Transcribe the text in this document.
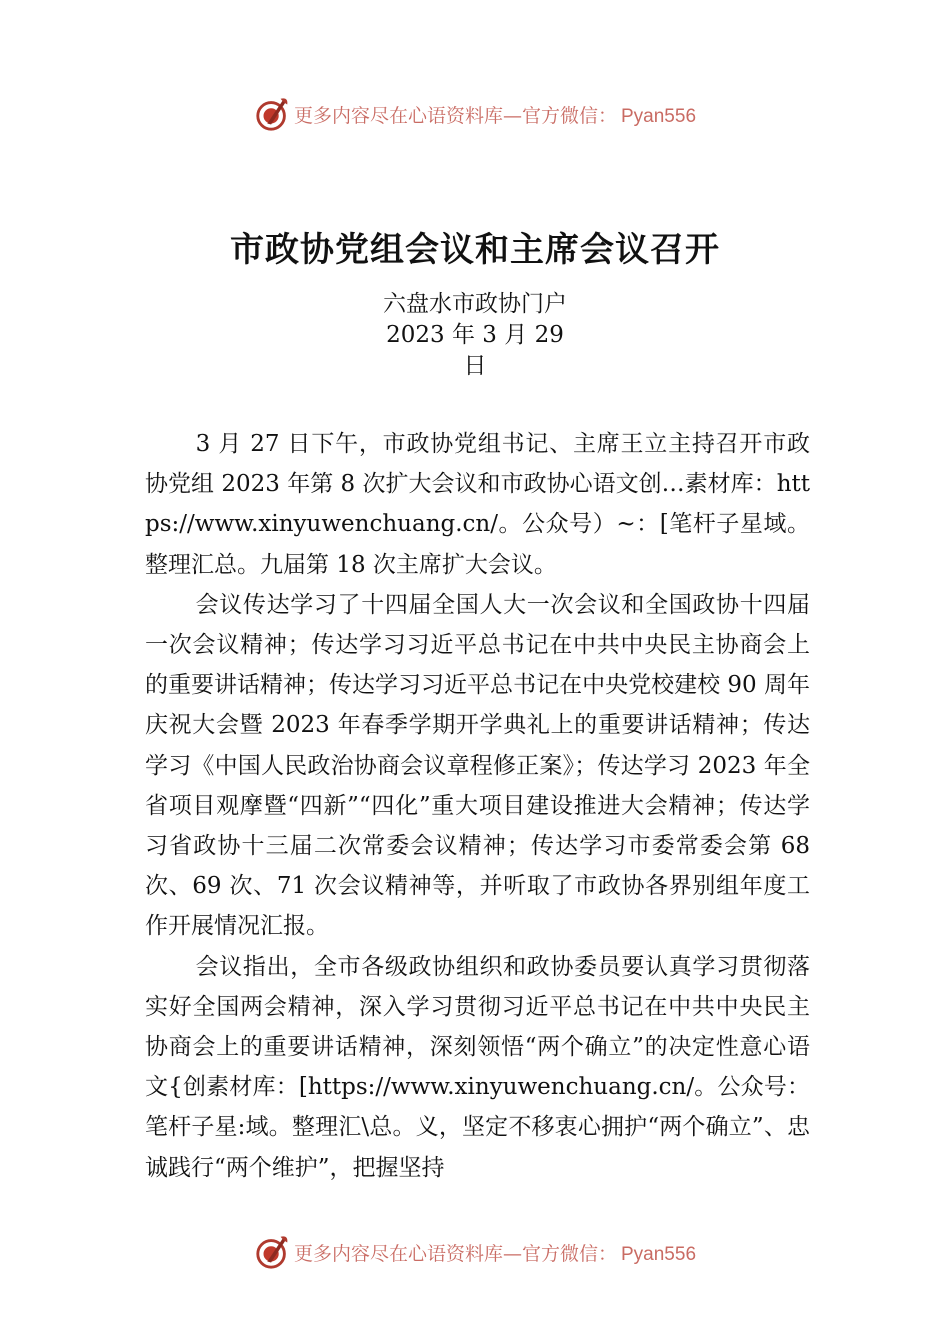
更多内容尽在心语资料库—官方微信： Pyan556
市政协党组会议和主席会议召开
六盘水市政协门户
2023 年 3 月 29
日

3 月 27 日下午，市政协党组书记、主席王立主持召开市政协党组 2023 年第 8 次扩大会议和市政协心语文创…素材库：https://www.xinyuwenchuang.cn/。公众号）~：[笔杆子星域。整理汇总。九届第 18 次主席扩大会议。

会议传达学习了十四届全国人大一次会议和全国政协十四届一次会议精神；传达学习习近平总书记在中共中央民主协商会上的重要讲话精神；传达学习习近平总书记在中央党校建校 90 周年庆祝大会暨 2023 年春季学期开学典礼上的重要讲话精神；传达学习《中国人民政治协商会议章程修正案》；传达学习 2023 年全省项目观摩暨“四新”“四化”重大项目建设推进大会精神；传达学习省政协十三届二次常委会议精神；传达学习市委常委会第 68 次、69 次、71 次会议精神等，并听取了市政协各界别组年度工作开展情况汇报。

会议指出，全市各级政协组织和政协委员要认真学习贯彻落实好全国两会精神，深入学习贯彻习近平总书记在中共中央民主协商会上的重要讲话精神，深刻领悟“两个确立”的决定性意心语文{创素材库：[https://www.xinyuwenchuang.cn/。公众号：笔杆子星:域。整理汇\总。义，坚定不移衷心拥护“两个确立”、忠诚践行“两个维护”，把握坚持

更多内容尽在心语资料库—官方微信： Pyan556
